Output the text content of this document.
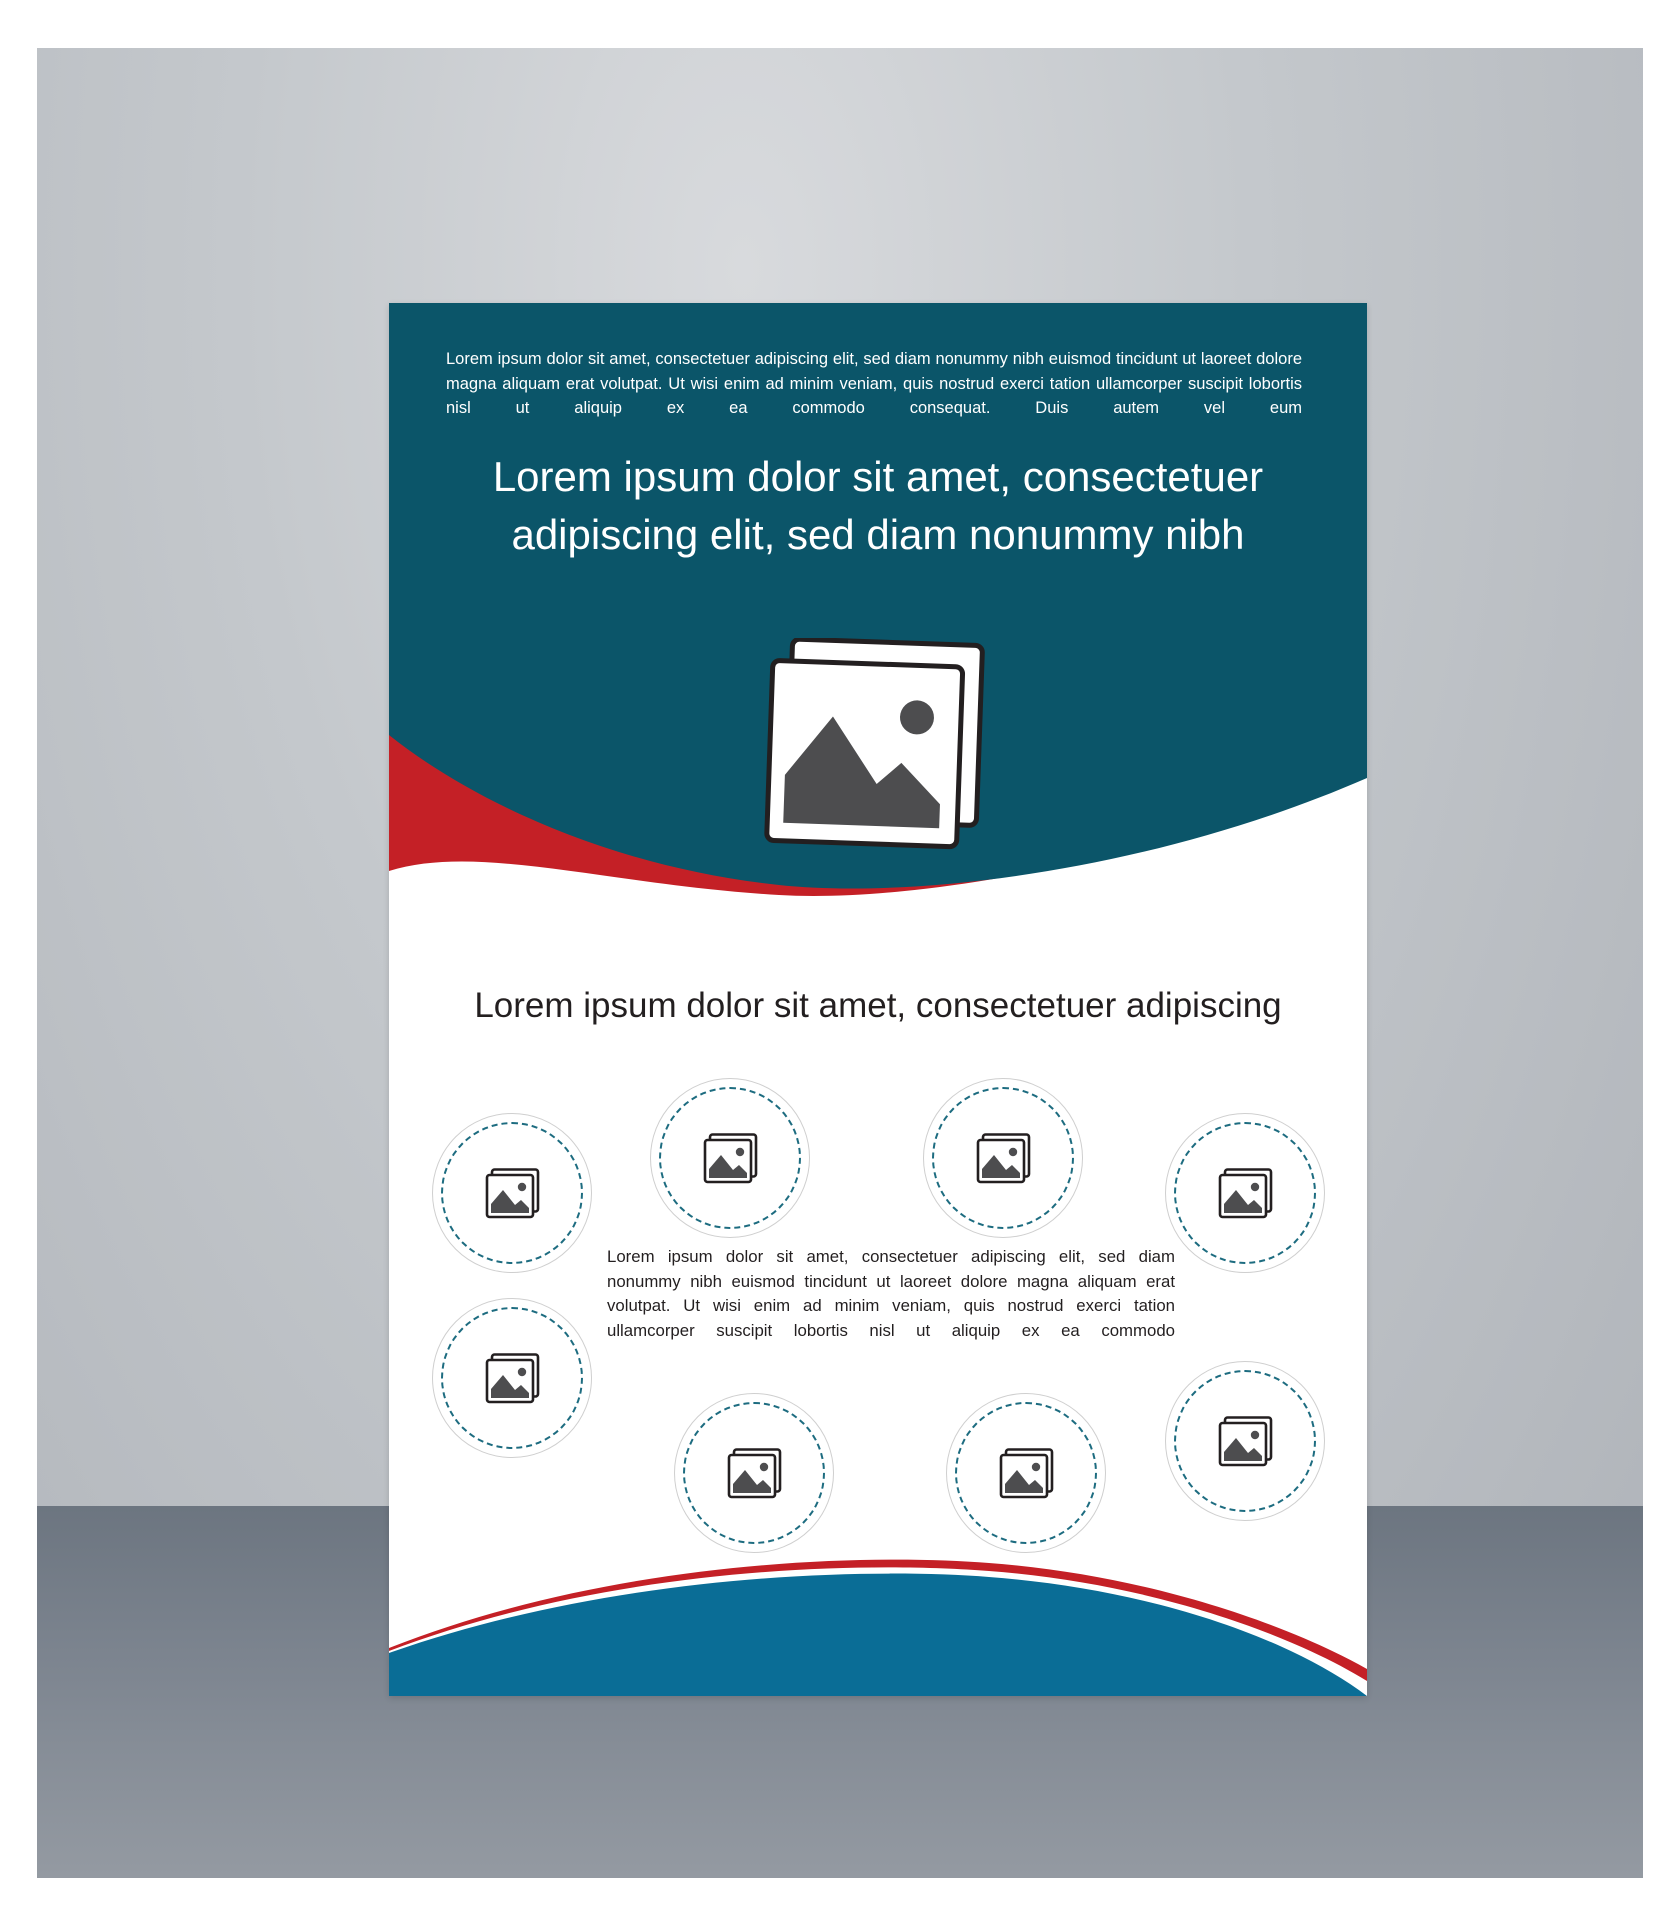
Lorem ipsum dolor sit amet, consectetuer adipiscing elit, sed diam nonummy nibh euismod tincidunt ut laoreet dolore magna aliquam erat volutpat. Ut wisi enim ad minim veniam, quis nostrud exerci tation ullamcorper suscipit lobortis nisl ut aliquip ex ea commodo consequat. Duis autem vel eum

Lorem ipsum dolor sit amet, consectetuer
adipiscing elit, sed diam nonummy nibh
Lorem ipsum dolor sit amet, consectetuer adipiscing

Lorem ipsum dolor sit amet, consectetuer adipiscing elit, sed diam nonummy nibh euismod tincidunt ut laoreet dolore magna aliquam erat volutpat. Ut wisi enim ad minim veniam, quis nostrud exerci tation ullamcorper suscipit lobortis nisl ut aliquip ex ea commodo
